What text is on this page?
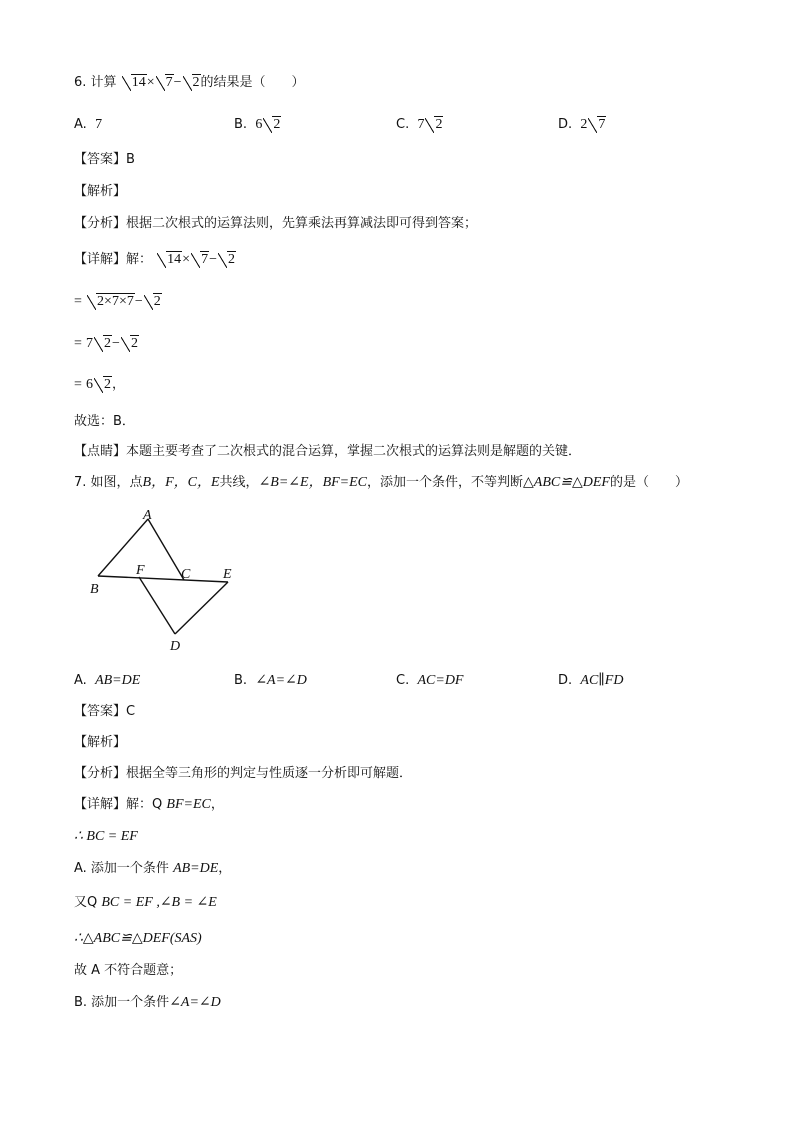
6. 计算 14× 7− 2的结果是（　　）
A. 7	B. 6 2	C. 7 2	D. 2 7
【答案】B
【解析】
【分析】根据二次根式的运算法则，先算乘法再算减法即可得到答案；
【详解】解： 14× 7− 2
= 2×7×7− 2
= 7 2− 2
= 6 2，
故选：B．
【点睛】本题主要考查了二次根式的混合运算，掌握二次根式的运算法则是解题的关键．
7. 如图，点B，F，C，E共线，∠B=∠E，BF=EC，添加一个条件，不等判断△ABC≌△DEF的是（　　）
A
B
F	C E
D
A. AB=DE	B. ∠A=∠D	C. AC=DF	D. AC∥FD
【答案】C
【解析】
【分析】根据全等三角形的判定与性质逐一分析即可解题．
【详解】解：Q BF=EC，
∴ BC = EF
A. 添加一个条件 AB=DE，
又Q BC = EF ,∠B = ∠E
∴△ABC≌△DEF(SAS)
故 A 不符合题意；
B. 添加一个条件∠A=∠D
